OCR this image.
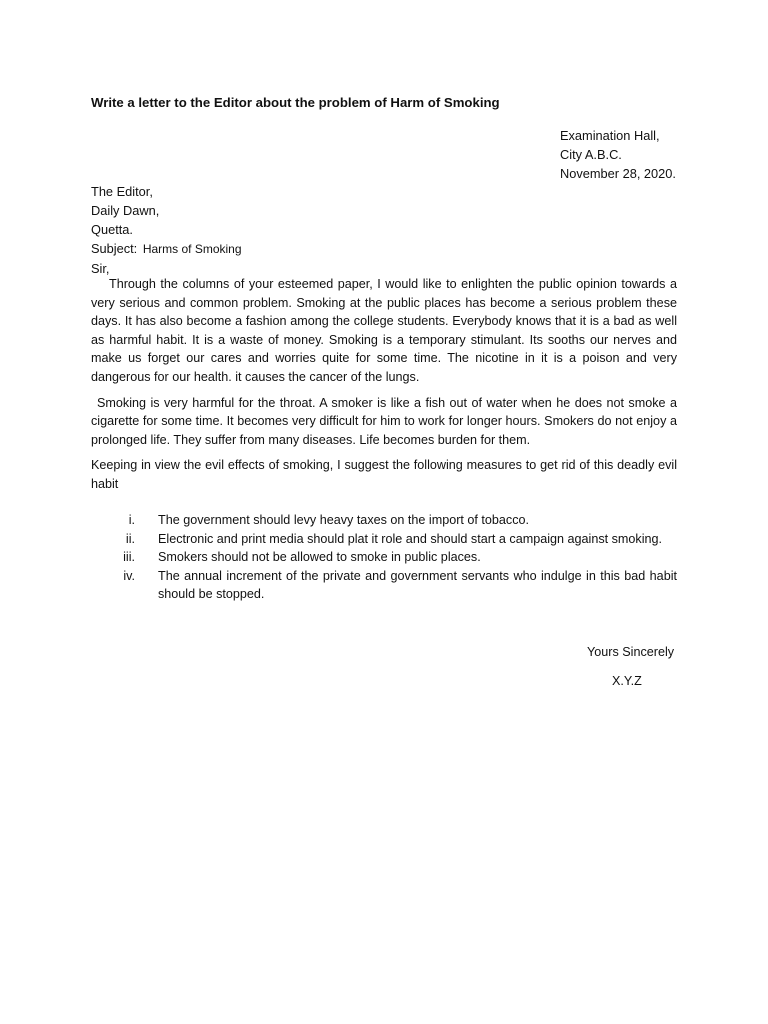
Write a letter to the Editor about the problem of Harm of Smoking
Examination Hall,
City A.B.C.
November 28, 2020.
The Editor,
Daily Dawn,
Quetta.
Subject: Harms of Smoking
Sir,

Through the columns of your esteemed paper, I would like to enlighten the public opinion towards a very serious and common problem. Smoking at the public places has become a serious problem these days. It has also become a fashion among the college students. Everybody knows that it is a bad as well as harmful habit. It is a waste of money. Smoking is a temporary stimulant. Its sooths our nerves and make us forget our cares and worries quite for some time. The nicotine in it is a poison and very dangerous for our health. it causes the cancer of the lungs.

Smoking is very harmful for the throat. A smoker is like a fish out of water when he does not smoke a cigarette for some time. It becomes very difficult for him to work for longer hours. Smokers do not enjoy a prolonged life. They suffer from many diseases. Life becomes burden for them.

Keeping in view the evil effects of smoking, I suggest the following measures to get rid of this deadly evil habit

i. The government should levy heavy taxes on the import of tobacco.
ii. Electronic and print media should plat it role and should start a campaign against smoking.
iii. Smokers should not be allowed to smoke in public places.
iv. The annual increment of the private and government servants who indulge in this bad habit should be stopped.
Yours Sincerely
X.Y.Z
